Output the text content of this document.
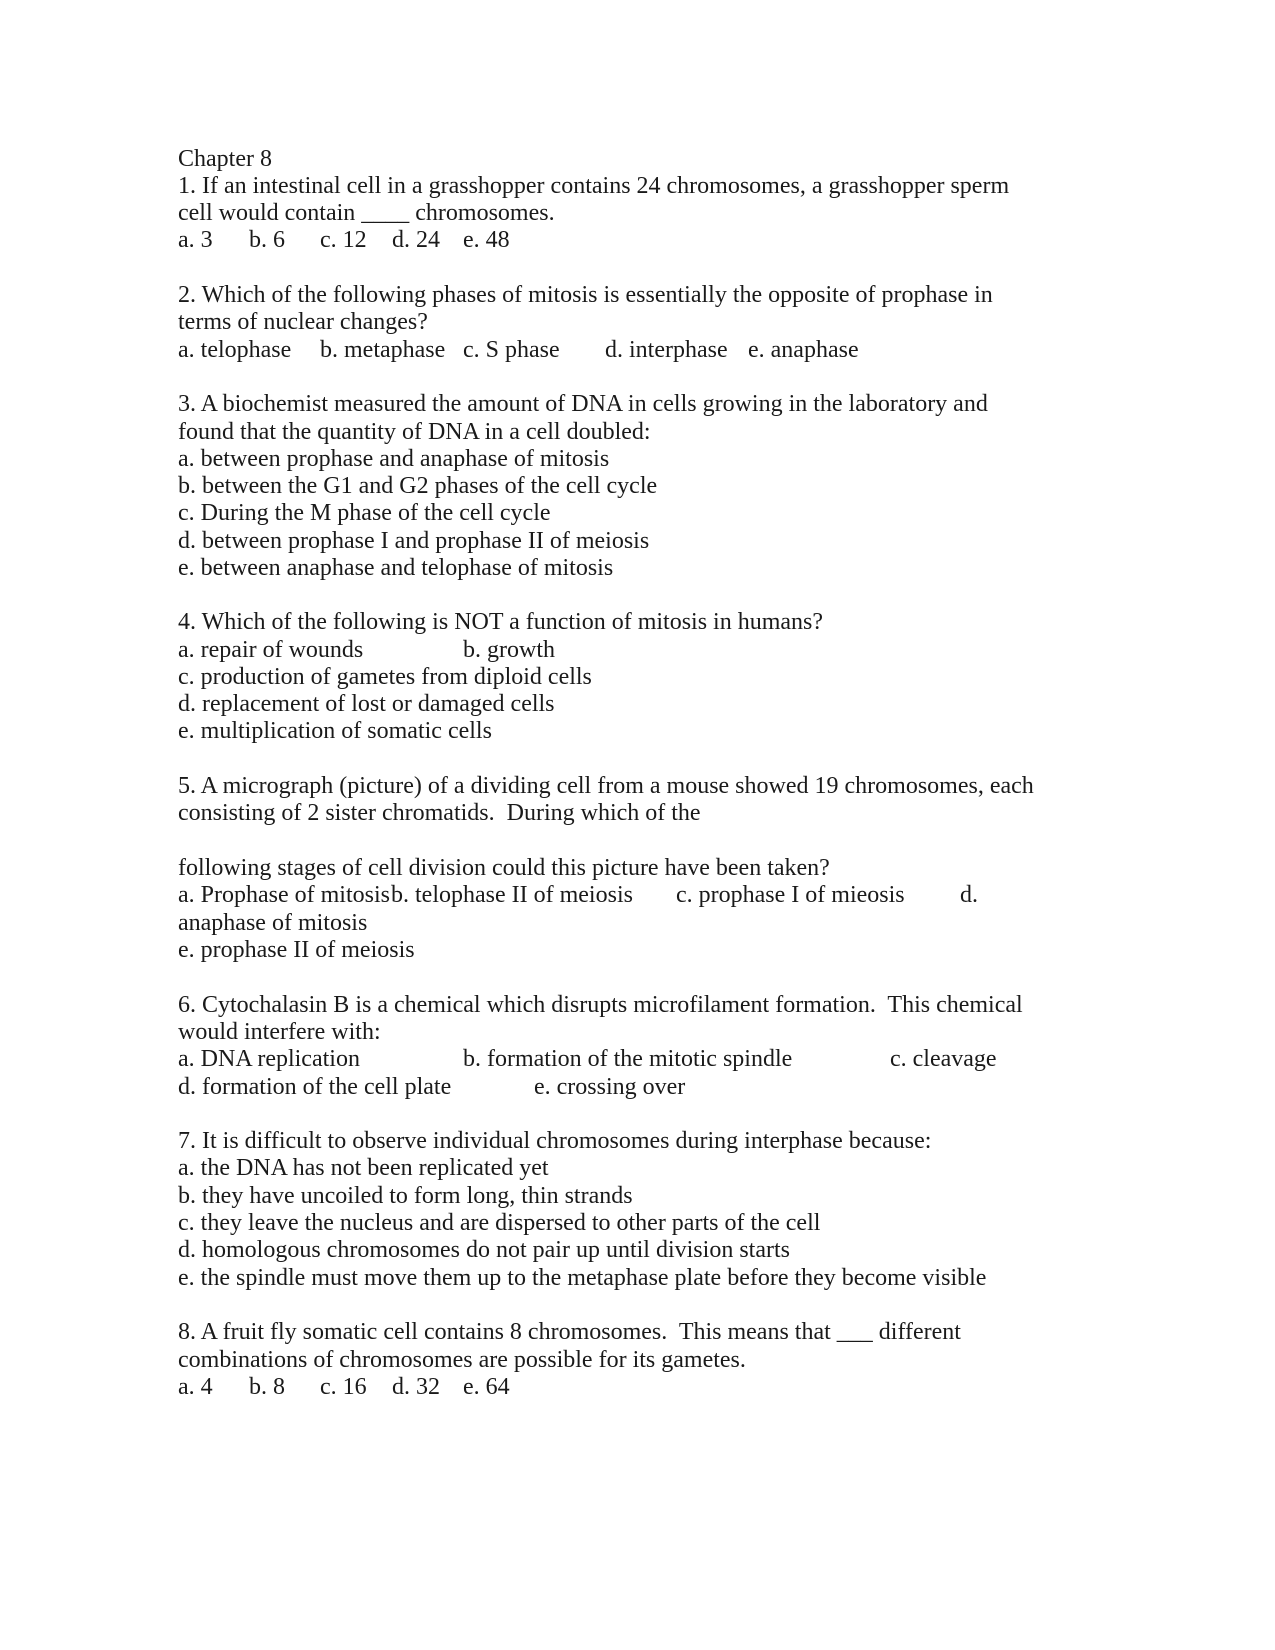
Chapter 8
1. If an intestinal cell in a grasshopper contains 24 chromosomes, a grasshopper sperm
cell would contain ____ chromosomes.
a. 3 b. 6 c. 12 d. 24 e. 48
2. Which of the following phases of mitosis is essentially the opposite of prophase in
terms of nuclear changes?
a. telophase b. metaphase c. S phase d. interphase e. anaphase
3. A biochemist measured the amount of DNA in cells growing in the laboratory and
found that the quantity of DNA in a cell doubled:
a. between prophase and anaphase of mitosis
b. between the G1 and G2 phases of the cell cycle
c. During the M phase of the cell cycle
d. between prophase I and prophase II of meiosis
e. between anaphase and telophase of mitosis
4. Which of the following is NOT a function of mitosis in humans?
a. repair of wounds	b. growth
c. production of gametes from diploid cells
d. replacement of lost or damaged cells
e. multiplication of somatic cells
5. A micrograph (picture) of a dividing cell from a mouse showed 19 chromosomes, each
consisting of 2 sister chromatids.  During which of the
following stages of cell division could this picture have been taken?
a. Prophase of mitosis b. telophase II of meiosis c. prophase I of mieosis d.
anaphase of mitosis
e. prophase II of meiosis
6. Cytochalasin B is a chemical which disrupts microfilament formation.  This chemical
would interfere with:
a. DNA replication	b. formation of the mitotic spindle	c. cleavage
d. formation of the cell plate	e. crossing over
7. It is difficult to observe individual chromosomes during interphase because:
a. the DNA has not been replicated yet
b. they have uncoiled to form long, thin strands
c. they leave the nucleus and are dispersed to other parts of the cell
d. homologous chromosomes do not pair up until division starts
e. the spindle must move them up to the metaphase plate before they become visible
8. A fruit fly somatic cell contains 8 chromosomes.  This means that ___ different
combinations of chromosomes are possible for its gametes.
a. 4 b. 8 c. 16 d. 32 e. 64
